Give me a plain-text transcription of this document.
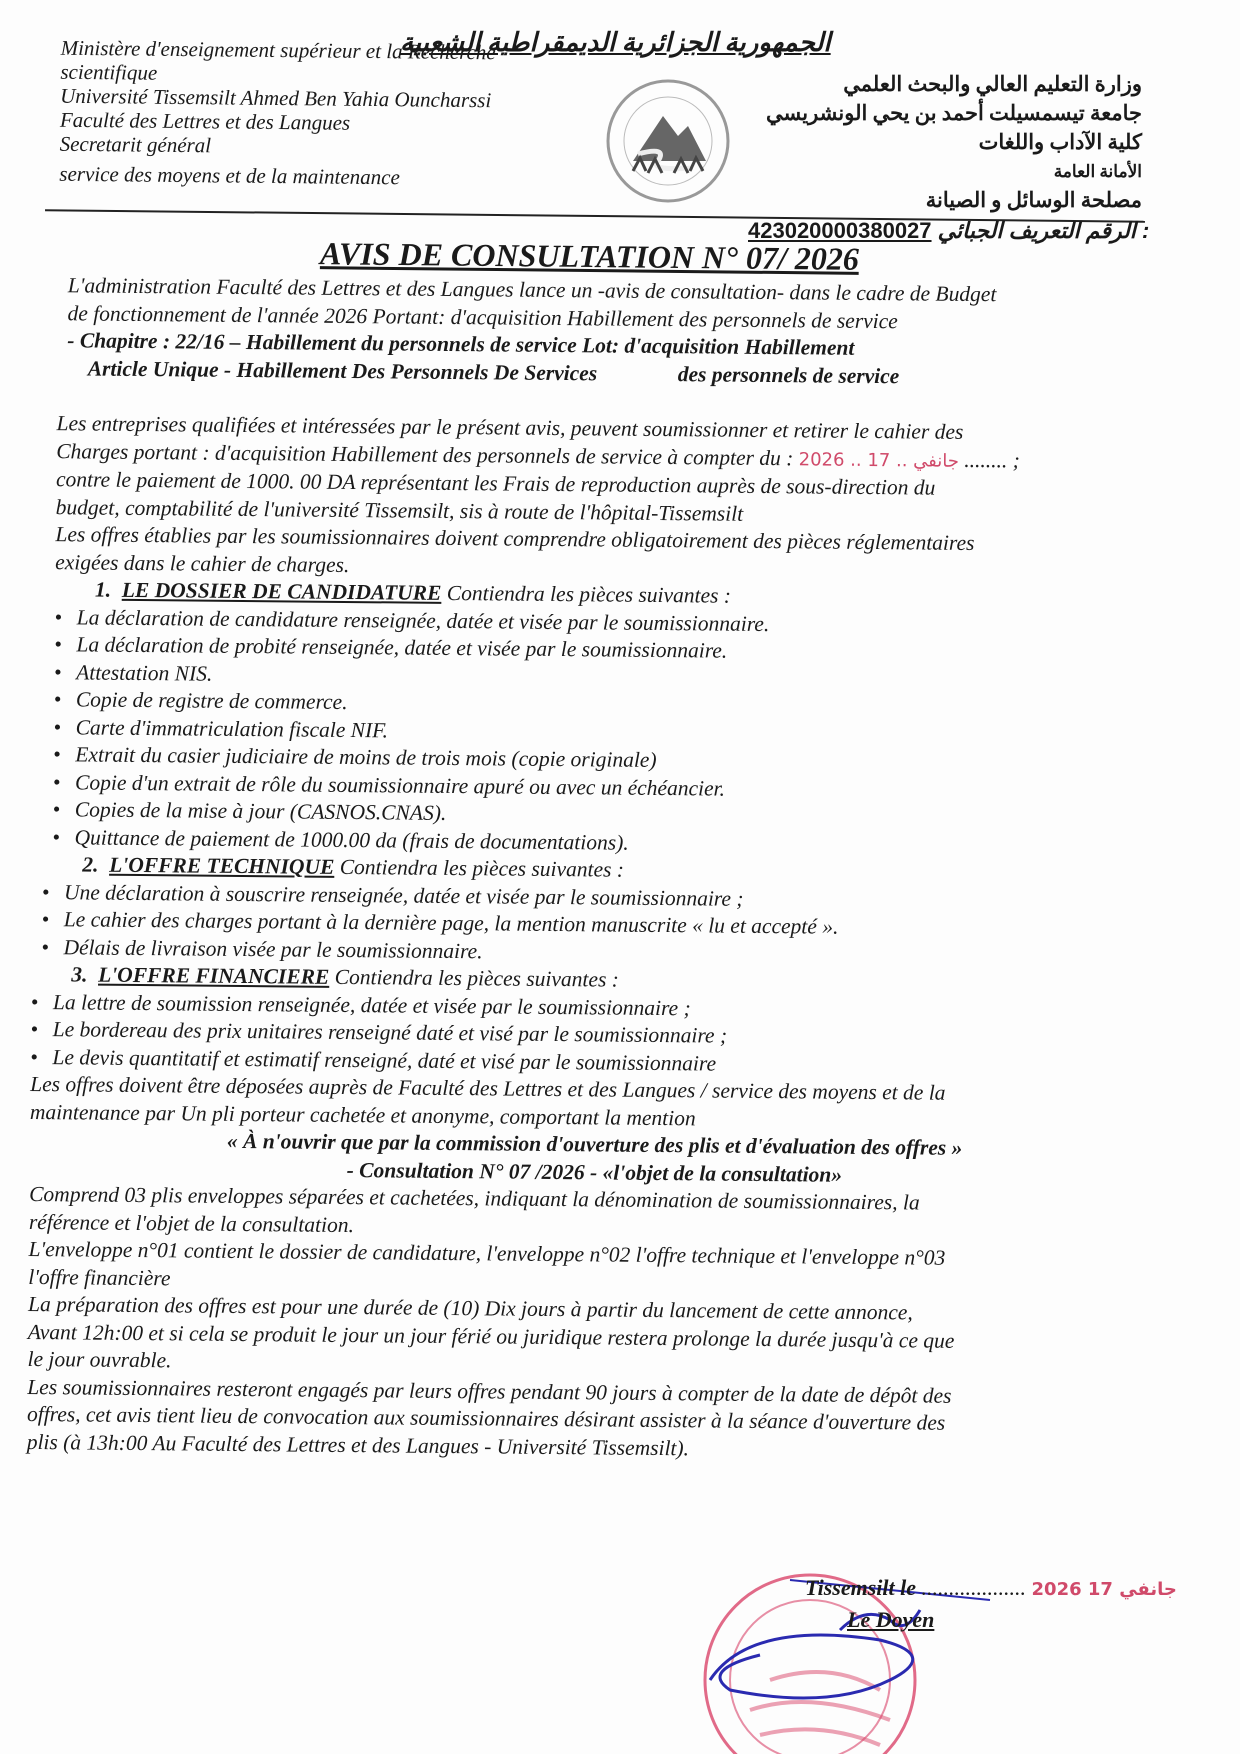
الجمهورية الجزائرية الديمقراطية الشعبية
Ministère d'enseignement supérieur et la Recherche
scientifique
Université Tissemsilt Ahmed Ben Yahia Ouncharssi
Faculté des Lettres et des Langues
Secretarit général
service des moyens et de la maintenance
وزارة التعليم العالي والبحث العلمي
جامعة تيسمسيلت أحمد بن يحي الونشريسي
كلية الآداب واللغات
الأمانة العامة
مصلحة الوسائل و الصيانة
423020000380027 الرقم التعريف الجبائي :
AVIS DE CONSULTATION N° 07/ 2026
L'administration Faculté des Lettres et des Langues lance un -avis de consultation- dans le cadre de Budget
de fonctionnement de l'année 2026 Portant: d'acquisition Habillement des personnels de service
- Chapitre : 22/16 – Habillement du personnels de service Lot: d'acquisition Habillement
Article Unique - Habillement Des Personnels De Services               des personnels de service
Les entreprises qualifiées et intéressées par le présent avis, peuvent soumissionner et retirer le cahier des
Charges portant : d'acquisition Habillement des personnels de service à compter du : 2026 .. جانفي .. 17 ........ ;
contre le paiement de 1000. 00 DA représentant les Frais de reproduction auprès de sous-direction du
budget, comptabilité de l'université Tissemsilt, sis à route de l'hôpital-Tissemsilt
Les offres établies par les soumissionnaires doivent comprendre obligatoirement des pièces réglementaires
exigées dans le cahier de charges.
1. LE DOSSIER DE CANDIDATURE Contiendra les pièces suivantes :
• La déclaration de candidature renseignée, datée et visée par le soumissionnaire.
• La déclaration de probité renseignée, datée et visée par le soumissionnaire.
• Attestation NIS.
• Copie de registre de commerce.
• Carte d'immatriculation fiscale NIF.
• Extrait du casier judiciaire de moins de trois mois (copie originale)
• Copie d'un extrait de rôle du soumissionnaire apuré ou avec un échéancier.
• Copies de la mise à jour (CASNOS.CNAS).
• Quittance de paiement de 1000.00 da (frais de documentations).
2. L'OFFRE TECHNIQUE Contiendra les pièces suivantes :
• Une déclaration à souscrire renseignée, datée et visée par le soumissionnaire ;
• Le cahier des charges portant à la dernière page, la mention manuscrite « lu et accepté ».
• Délais de livraison visée par le soumissionnaire.
3. L'OFFRE FINANCIERE Contiendra les pièces suivantes :
• La lettre de soumission renseignée, datée et visée par le soumissionnaire ;
• Le bordereau des prix unitaires renseigné daté et visé par le soumissionnaire ;
• Le devis quantitatif et estimatif renseigné, daté et visé par le soumissionnaire
Les offres doivent être déposées auprès de Faculté des Lettres et des Langues / service des moyens et de la
maintenance par Un pli porteur cachetée et anonyme, comportant la mention
« À n'ouvrir que par la commission d'ouverture des plis et d'évaluation des offres »
- Consultation N° 07 /2026 - «l'objet de la consultation»
Comprend 03 plis enveloppes séparées et cachetées, indiquant la dénomination de soumissionnaires, la
référence et l'objet de la consultation.
L'enveloppe n°01 contient le dossier de candidature, l'enveloppe n°02 l'offre technique et l'enveloppe n°03
l'offre financière
La préparation des offres est pour une durée de (10) Dix jours à partir du lancement de cette annonce,
Avant 12h:00 et si cela se produit le jour un jour férié ou juridique restera prolonge la durée jusqu'à ce que
le jour ouvrable.
Les soumissionnaires resteront engagés par leurs offres pendant 90 jours à compter de la date de dépôt des
offres, cet avis tient lieu de convocation aux soumissionnaires désirant assister à la séance d'ouverture des
plis (à 13h:00 Au Faculté des Lettres et des Langues - Université Tissemsilt).
Tissemsilt le ................... 2026 جانفي 17
Le Doyen
